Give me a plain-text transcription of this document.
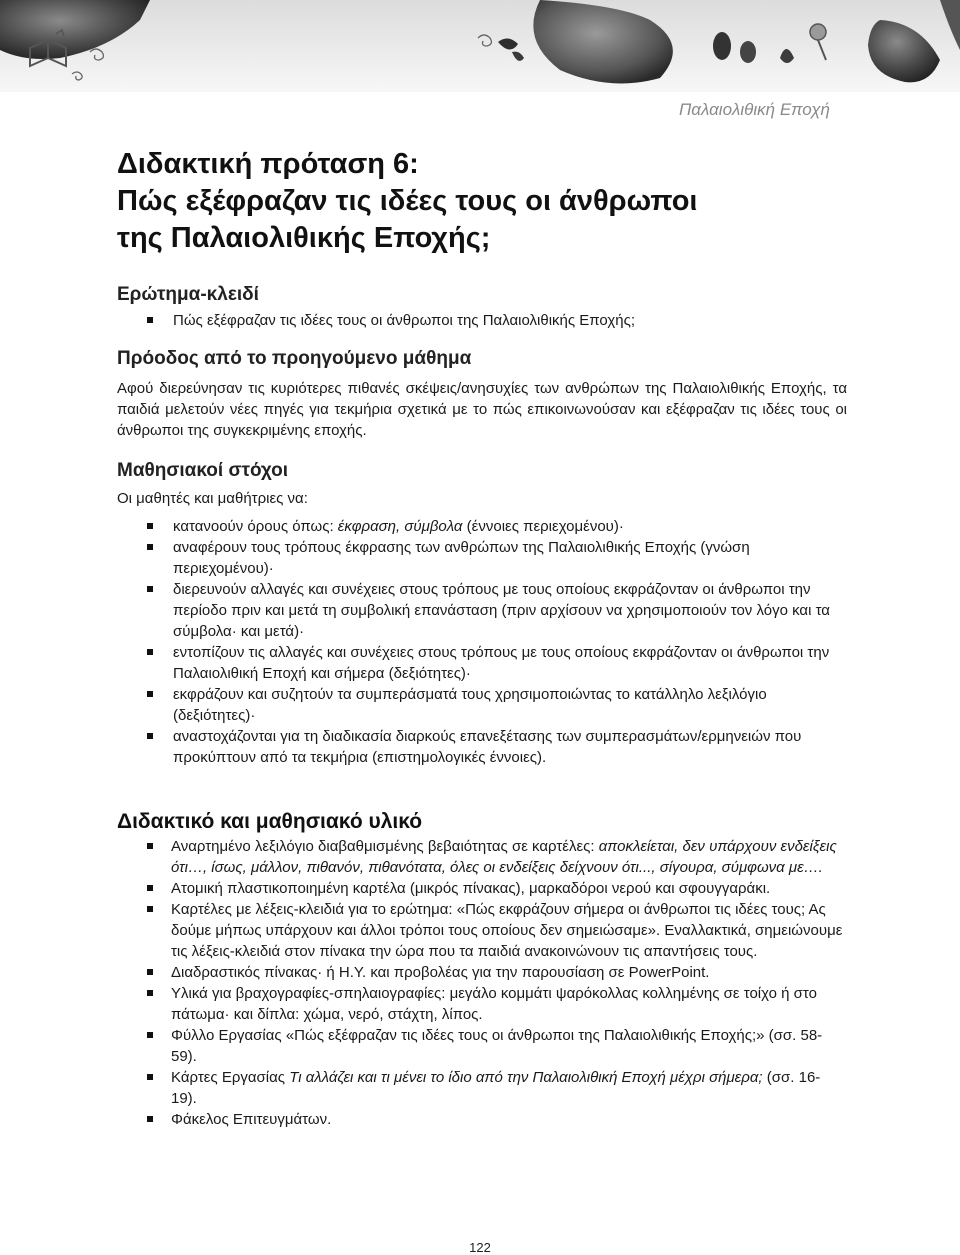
Παλαιολιθική Εποχή
Διδακτική πρόταση 6:
Πώς εξέφραζαν τις ιδέες τους οι άνθρωποι
της Παλαιολιθικής Εποχής;
Ερώτημα-κλειδί
Πώς εξέφραζαν τις ιδέες τους οι άνθρωποι της Παλαιολιθικής Εποχής;
Πρόοδος από το προηγούμενο μάθημα

Αφού διερεύνησαν τις κυριότερες πιθανές σκέψεις/ανησυχίες των ανθρώπων της Παλαιολιθικής Εποχής, τα παιδιά μελετούν νέες πηγές για τεκμήρια σχετικά με το πώς επικοινωνούσαν και εξέφραζαν τις ιδέες τους οι άνθρωποι της συγκεκριμένης εποχής.

Μαθησιακοί στόχοι

Οι μαθητές και μαθήτριες να:

κατανοούν όρους όπως: έκφραση, σύμβολα (έννοιες περιεχομένου)·
αναφέρουν τους τρόπους έκφρασης των ανθρώπων της Παλαιολιθικής Εποχής (γνώση περιεχομένου)·
διερευνούν αλλαγές και συνέχειες στους τρόπους με τους οποίους εκφράζονταν οι άνθρωποι την περίοδο πριν και μετά τη συμβολική επανάσταση (πριν αρχίσουν να χρησιμοποιούν τον λόγο και τα σύμβολα· και μετά)·
εντοπίζουν τις αλλαγές και συνέχειες στους τρόπους με τους οποίους εκφράζονταν οι άνθρωποι την Παλαιολιθική Εποχή και σήμερα (δεξιότητες)·
εκφράζουν και συζητούν τα συμπεράσματά τους χρησιμοποιώντας το κατάλληλο λεξιλόγιο (δεξιότητες)·
αναστοχάζονται για τη διαδικασία διαρκούς επανεξέτασης των συμπερασμάτων/ερμηνειών που προκύπτουν από τα τεκμήρια (επιστημολογικές έννοιες).
Διδακτικό και μαθησιακό υλικό
Αναρτημένο λεξιλόγιο διαβαθμισμένης βεβαιότητας σε καρτέλες: αποκλείεται, δεν υπάρχουν ενδείξεις ότι…, ίσως, μάλλον, πιθανόν, πιθανότατα, όλες οι ενδείξεις δείχνουν ότι..., σίγουρα, σύμφωνα με….
Ατομική πλαστικοποιημένη καρτέλα (μικρός πίνακας), μαρκαδόροι νερού και σφουγγαράκι.
Καρτέλες με λέξεις-κλειδιά για το ερώτημα: «Πώς εκφράζουν σήμερα οι άνθρωποι τις ιδέες τους; Ας δούμε μήπως υπάρχουν και άλλοι τρόποι τους οποίους δεν σημειώσαμε». Εναλλακτικά, σημειώνουμε τις λέξεις-κλειδιά στον πίνακα την ώρα που τα παιδιά ανακοινώνουν τις απαντήσεις τους.
Διαδραστικός πίνακας· ή Η.Υ. και προβολέας για την παρουσίαση σε PowerPoint.
Υλικά για βραχογραφίες-σπηλαιογραφίες: μεγάλο κομμάτι ψαρόκολλας κολλημένης σε τοίχο ή στο πάτωμα· και δίπλα: χώμα, νερό, στάχτη, λίπος.
Φύλλο Εργασίας «Πώς εξέφραζαν τις ιδέες τους οι άνθρωποι της Παλαιολιθικής Εποχής;» (σσ. 58-59).
Κάρτες Εργασίας Τι αλλάζει και τι μένει το ίδιο από την Παλαιολιθική Εποχή μέχρι σήμερα; (σσ. 16-19).
Φάκελος Επιτευγμάτων.
122
